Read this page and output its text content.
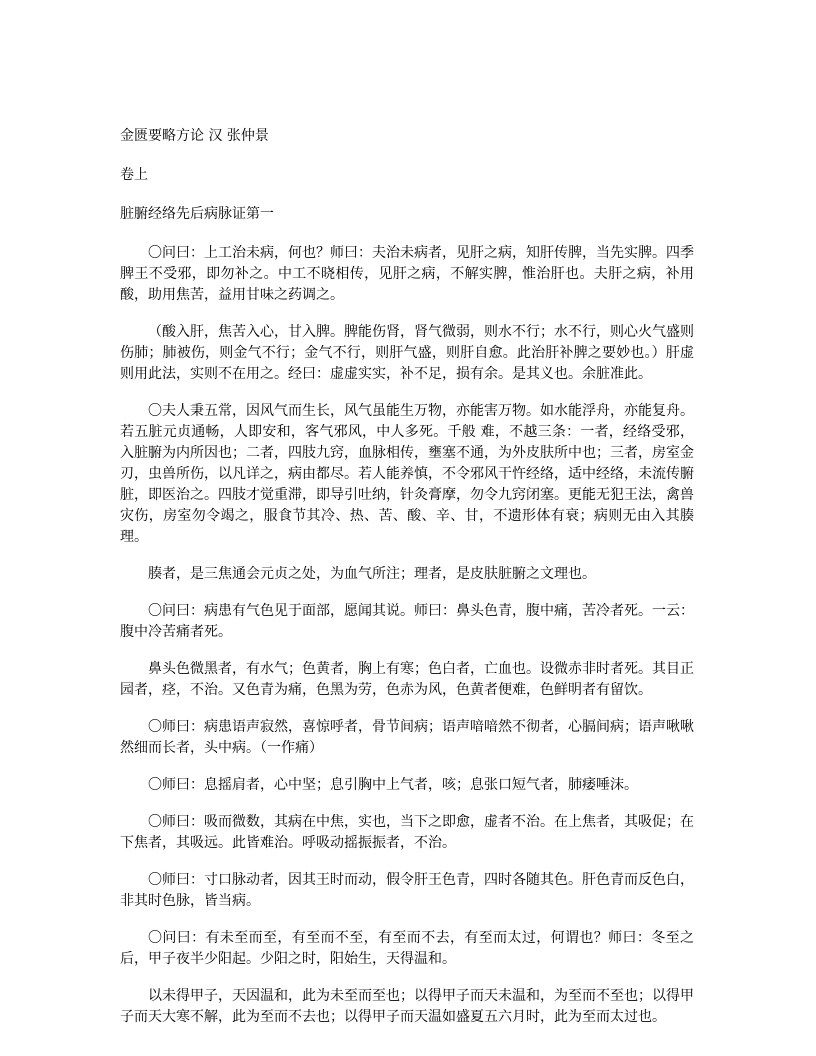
金匮要略方论 汉 张仲景

卷上

脏腑经络先后病脉证第一

〇问曰：上工治未病，何也？师曰：夫治未病者，见肝之病，知肝传脾，当先实脾。四季脾王不受邪，即勿补之。中工不晓相传，见肝之病，不解实脾，惟治肝也。夫肝之病，补用酸，助用焦苦，益用甘味之药调之。

（酸入肝，焦苦入心，甘入脾。脾能伤肾，肾气微弱，则水不行；水不行，则心火气盛则伤肺；肺被伤，则金气不行；金气不行，则肝气盛，则肝自愈。此治肝补脾之要妙也。）肝虚则用此法，实则不在用之。经曰：虚虚实实，补不足，损有余。是其义也。余脏准此。

〇夫人秉五常，因风气而生长，风气虽能生万物，亦能害万物。如水能浮舟，亦能复舟。若五脏元贞通畅，人即安和，客气邪风，中人多死。千般 难，不越三条：一者，经络受邪，入脏腑为内所因也；二者，四肢九窍，血脉相传，壅塞不通，为外皮肤所中也；三者，房室金刃，虫兽所伤，以凡详之，病由都尽。若人能养慎，不令邪风干忤经络，适中经络，未流传腑脏，即医治之。四肢才觉重滞，即导引吐纳，针灸膏摩，勿令九窍闭塞。更能无犯王法，禽兽灾伤，房室勿令竭之，服食节其冷、热、苦、酸、辛、甘，不遗形体有衰；病则无由入其腠理。

腠者，是三焦通会元贞之处，为血气所注；理者，是皮肤脏腑之文理也。

〇问曰：病患有气色见于面部，愿闻其说。师曰：鼻头色青，腹中痛，苦冷者死。一云：腹中冷苦痛者死。

鼻头色微黑者，有水气；色黄者，胸上有寒；色白者，亡血也。设微赤非时者死。其目正园者，痉，不治。又色青为痛，色黑为劳，色赤为风，色黄者便难，色鲜明者有留饮。

〇师曰：病患语声寂然，喜惊呼者，骨节间病；语声喑喑然不彻者，心膈间病；语声啾啾然细而长者，头中病。（一作痛）

〇师曰：息摇肩者，心中坚；息引胸中上气者，咳；息张口短气者，肺痿唾沫。

〇师曰：吸而微数，其病在中焦，实也，当下之即愈，虚者不治。在上焦者，其吸促；在下焦者，其吸远。此皆难治。呼吸动摇振振者，不治。

〇师曰：寸口脉动者，因其王时而动，假令肝王色青，四时各随其色。肝色青而反色白，非其时色脉，皆当病。

〇问曰：有未至而至，有至而不至，有至而不去，有至而太过，何谓也？师曰：冬至之后，甲子夜半少阳起。少阳之时，阳始生，天得温和。

以未得甲子，天因温和，此为未至而至也；以得甲子而天未温和，为至而不至也；以得甲子而天大寒不解，此为至而不去也；以得甲子而天温如盛夏五六月时，此为至而太过也。
